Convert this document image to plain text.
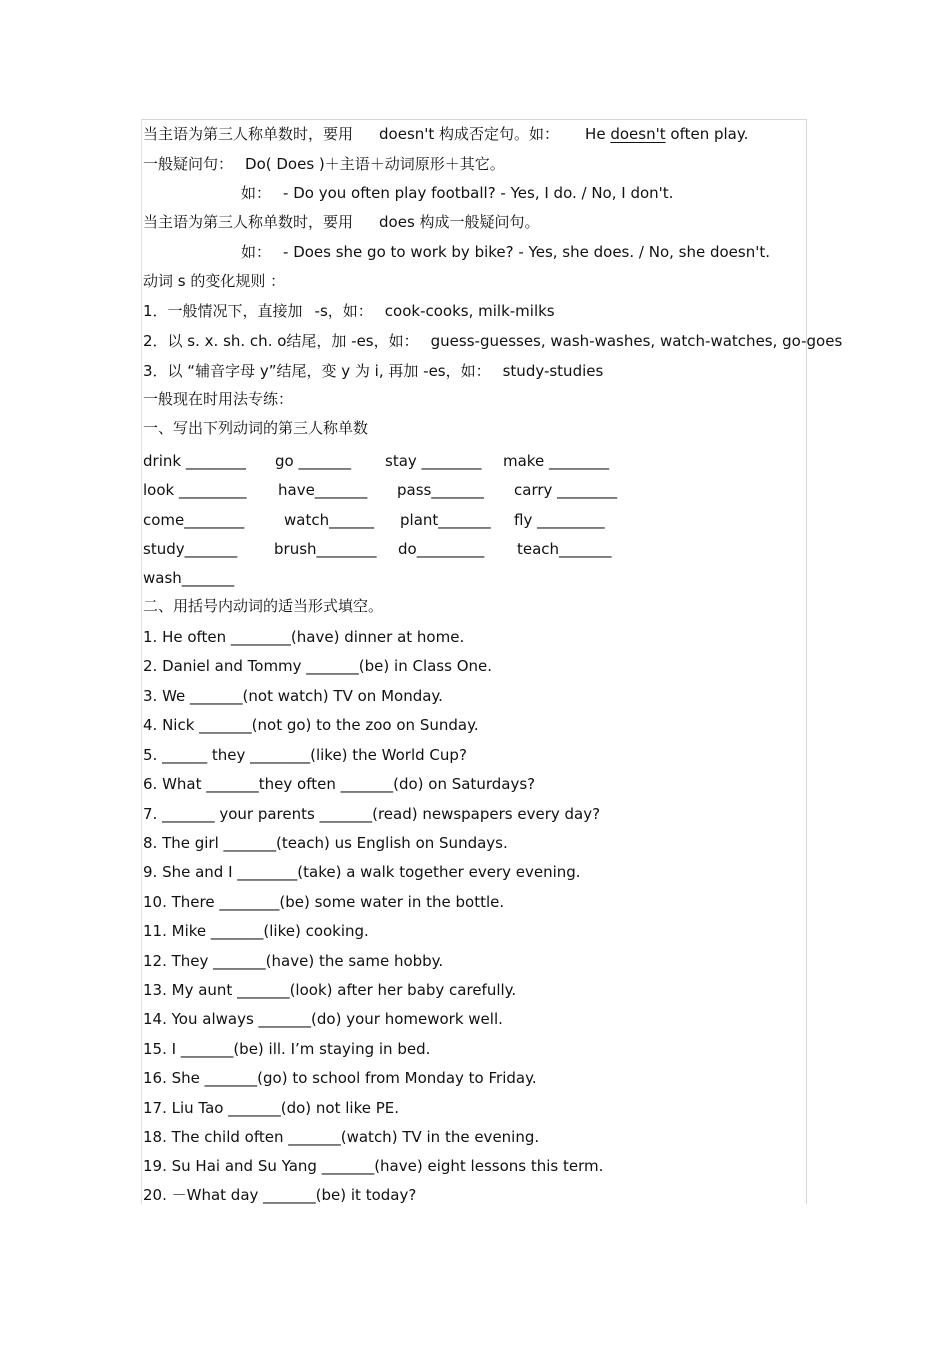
当主语为第三人称单数时，要用 doesn't 构成否定句。如： He doesn't often play.
一般疑问句： Do( Does )＋主语＋动词原形＋其它。
如： - Do you often play football? - Yes, I do. / No, I don't.
当主语为第三人称单数时，要用 does 构成一般疑问句。
如： - Does she go to work by bike? - Yes, she does. / No, she doesn't.
动词 s 的变化规则 ：
1．一般情况下，直接加 -s，如： cook-cooks, milk-milks
2．以 s. x. sh. ch. o结尾，加 -es，如： guess-guesses, wash-washes, watch-watches, go-goes
3．以 “辅音字母 y”结尾，变 y 为 i, 再加 -es，如： study-studies
一般现在时用法专练：
一、写出下列动词的第三人称单数
drink ________ go _______ stay ________ make ________
look _________ have_______ pass_______ carry ________
come________	watch______ plant_______ fly _________
study_______ brush________ do_________ teach_______
wash_______
二、用括号内动词的适当形式填空。
1. He often ________(have) dinner at home.
2. Daniel and Tommy _______(be) in Class One.
3. We _______(not watch) TV on Monday.
4. Nick _______(not go) to the zoo on Sunday.
5. ______ they ________(like) the World Cup?
6. What _______they often _______(do) on Saturdays?
7. _______ your parents _______(read) newspapers every day?
8. The girl _______(teach) us English on Sundays.
9. She and I ________(take) a walk together every evening.
10. There ________(be) some water in the bottle.
11. Mike _______(like) cooking.
12. They _______(have) the same hobby.
13. My aunt _______(look) after her baby carefully.
14. You always _______(do) your homework well.
15. I _______(be) ill. I’m staying in bed.
16. She _______(go) to school from Monday to Friday.
17. Liu Tao _______(do) not like PE.
18. The child often _______(watch) TV in the evening.
19. Su Hai and Su Yang _______(have) eight lessons this term.
20. －What day _______(be) it today?
